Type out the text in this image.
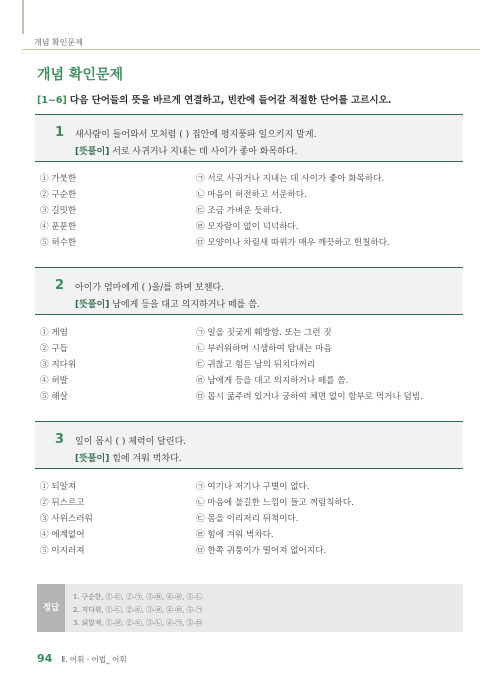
개념 확인문제
개념 확인문제
[1~6] 다음 단어들의 뜻을 바르게 연결하고, 빈칸에 들어갈 적절한 단어를 고르시오.
1 새사람이 들어와서 모처럼 ( ) 집안에 평지풍파 일으키지 말게.
[뜻풀이] 서로 사귀거나 지내는 데 사이가 좋아 화목하다.
① 가붓한	㉠ 서로 사귀거나 지내는 데 사이가 좋아 화목하다.
② 구순한	㉡ 마음이 허전하고 서운하다.
③ 길밋한	㉢ 조금 가벼운 듯하다.
④ 푼푼한	㉣ 모자람이 없이 넉넉하다.
⑤ 허수한	㉤ 모양이나 차림새 따위가 매우 깨끗하고 헌칠하다.
2 아이가 엄마에게 ( )을/를 하며 보챈다.
[뜻풀이] 남에게 등을 대고 의지하거나 떼를 씀.
① 게염	㉠ 일을 짓궂게 훼방함. 또는 그런 짓
② 구듭	㉡ 부러워하며 시샘하여 탐내는 마음
③ 지다위	㉢ 귀찮고 힘든 남의 뒤치다꺼리
④ 허발	㉣ 남에게 등을 대고 의지하거나 떼를 씀.
⑤ 해살	㉤ 몹시 굶주려 있거나 궁하여 체면 없이 함부로 먹거나 덤빔.
3 일이 몹시 ( ) 체력이 달린다.
[뜻풀이] 힘에 겨워 벅차다.
① 되알져	㉠ 여기나 저기나 구별이 없다.
② 뒤스르고	㉡ 마음에 불길한 느낌이 들고 꺼림칙하다.
③ 사위스러워	㉢ 몸을 이리저리 뒤척이다.
④ 에계없어	㉣ 힘에 겨워 벅차다.
⑤ 이지러져	㉤ 한쪽 귀퉁이가 떨어져 없어지다.
정답
1. 구순한, ①-㉢, ②-㉠, ③-㉤, ④-㉣, ⑤-㉡
2. 지다위, ①-㉡, ②-㉢, ③-㉣, ④-㉤, ⑤-㉠
3. 되알져, ①-㉣, ②-㉢, ③-㉡, ④-㉠, ⑤-㉤
94 Ⅱ. 어휘 · 어법_ 어휘
